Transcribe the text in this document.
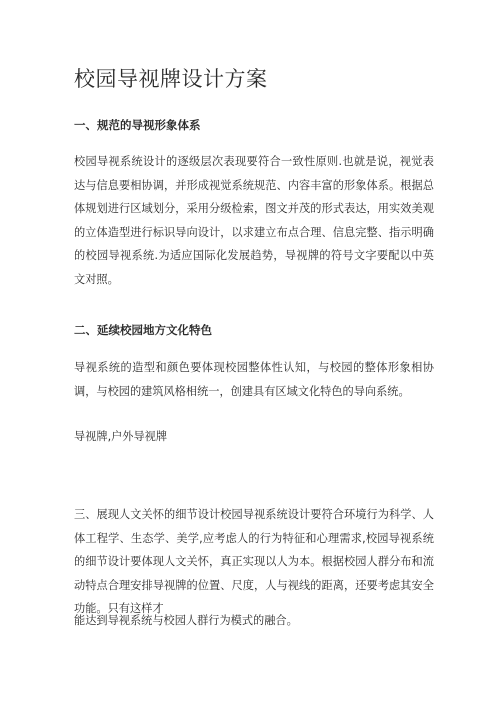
校园导视牌设计方案
一、规范的导视形象体系

校园导视系统设计的逐级层次表现要符合一致性原则.也就是说，视觉表达与信息要相协调，并形成视觉系统规范、内容丰富的形象体系。根据总体规划进行区域划分，采用分级检索，图文并茂的形式表达，用实效美观的立体造型进行标识导向设计，以求建立布点合理、信息完整、指示明确的校园导视系统.为适应国际化发展趋势，导视牌的符号文字要配以中英文对照。

二、延续校园地方文化特色

导视系统的造型和颜色要体现校园整体性认知，与校园的整体形象相协调，与校园的建筑风格相统一，创建具有区域文化特色的导向系统。

导视牌,户外导视牌

三、展现人文关怀的细节设计校园导视系统设计要符合环境行为科学、人体工程学、生态学、美学,应考虑人的行为特征和心理需求,校园导视系统的细节设计要体现人文关怀，真正实现以人为本。根据校园人群分布和流动特点合理安排导视牌的位置、尺度，人与视线的距离，还要考虑其安全功能。只有这样才

能达到导视系统与校园人群行为模式的融合。
